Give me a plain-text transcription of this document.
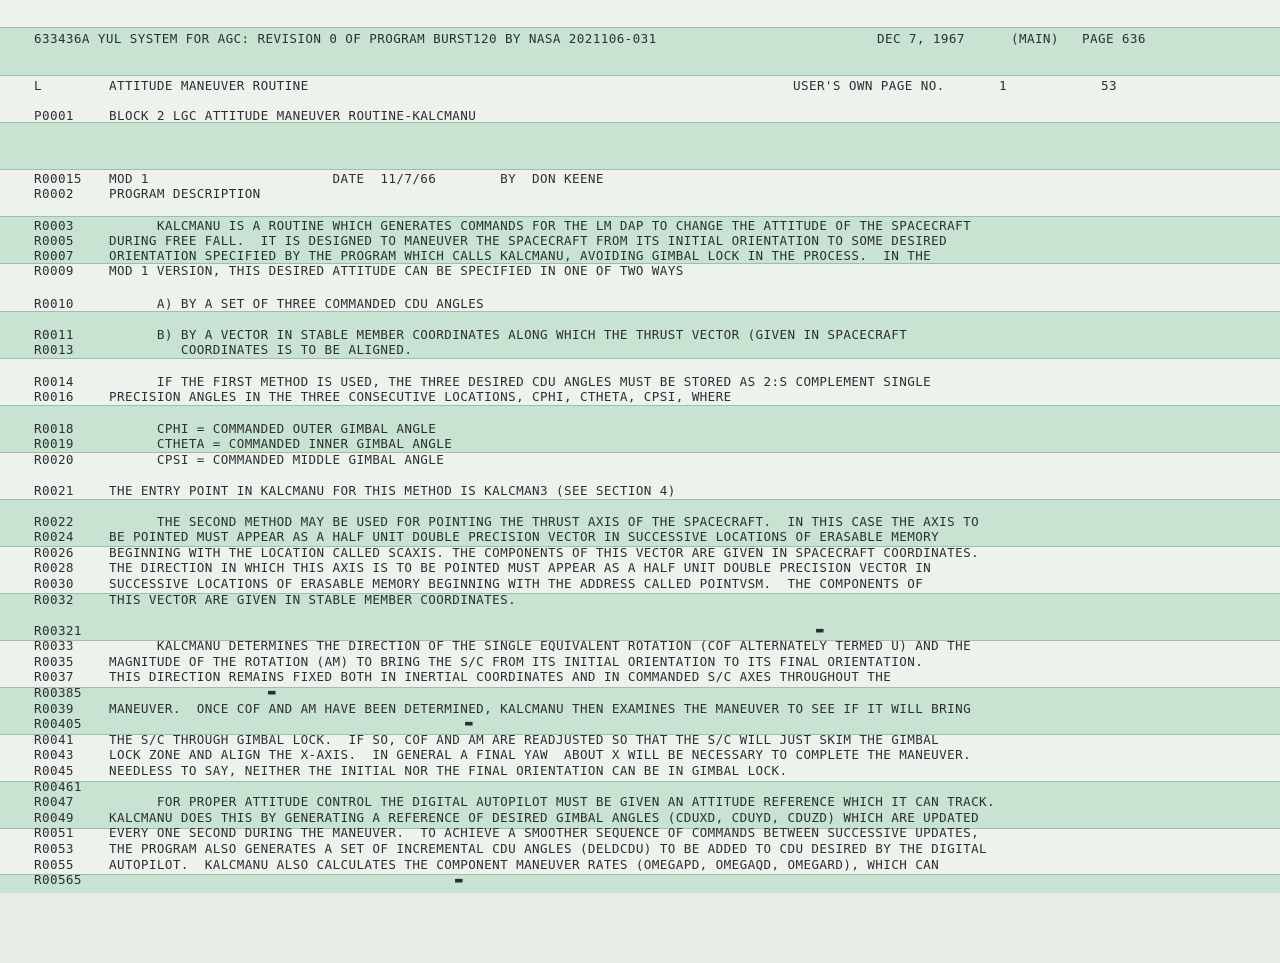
633436A YUL SYSTEM FOR AGC: REVISION 0 OF PROGRAM BURST120 BY NASA 2021106-031	DEC 7, 1967	(MAIN) PAGE 636
L	ATTITUDE MANEUVER ROUTINE	USER'S OWN PAGE NO.	1	53
P0001	BLOCK 2 LGC ATTITUDE MANEUVER ROUTINE-KALCMANU
R00015 MOD 1                       DATE  11/7/66        BY  DON KEENE
R0002	PROGRAM DESCRIPTION
R0003	KALCMANU IS A ROUTINE WHICH GENERATES COMMANDS FOR THE LM DAP TO CHANGE THE ATTITUDE OF THE SPACECRAFT
R0005	DURING FREE FALL.  IT IS DESIGNED TO MANEUVER THE SPACECRAFT FROM ITS INITIAL ORIENTATION TO SOME DESIRED
R0007	ORIENTATION SPECIFIED BY THE PROGRAM WHICH CALLS KALCMANU, AVOIDING GIMBAL LOCK IN THE PROCESS.  IN THE
R0009	MOD 1 VERSION, THIS DESIRED ATTITUDE CAN BE SPECIFIED IN ONE OF TWO WAYS
R0010	A) BY A SET OF THREE COMMANDED CDU ANGLES
R0011	B) BY A VECTOR IN STABLE MEMBER COORDINATES ALONG WHICH THE THRUST VECTOR (GIVEN IN SPACECRAFT
R0013	COORDINATES IS TO BE ALIGNED.
R0014	IF THE FIRST METHOD IS USED, THE THREE DESIRED CDU ANGLES MUST BE STORED AS 2:S COMPLEMENT SINGLE
R0016	PRECISION ANGLES IN THE THREE CONSECUTIVE LOCATIONS, CPHI, CTHETA, CPSI, WHERE
R0018	CPHI = COMMANDED OUTER GIMBAL ANGLE
R0019	CTHETA = COMMANDED INNER GIMBAL ANGLE
R0020	CPSI = COMMANDED MIDDLE GIMBAL ANGLE
R0021	THE ENTRY POINT IN KALCMANU FOR THIS METHOD IS KALCMAN3 (SEE SECTION 4)
R0022	THE SECOND METHOD MAY BE USED FOR POINTING THE THRUST AXIS OF THE SPACECRAFT.  IN THIS CASE THE AXIS TO
R0024	BE POINTED MUST APPEAR AS A HALF UNIT DOUBLE PRECISION VECTOR IN SUCCESSIVE LOCATIONS OF ERASABLE MEMORY
R0026	BEGINNING WITH THE LOCATION CALLED SCAXIS. THE COMPONENTS OF THIS VECTOR ARE GIVEN IN SPACECRAFT COORDINATES.
R0028	THE DIRECTION IN WHICH THIS AXIS IS TO BE POINTED MUST APPEAR AS A HALF UNIT DOUBLE PRECISION VECTOR IN
R0030	SUCCESSIVE LOCATIONS OF ERASABLE MEMORY BEGINNING WITH THE ADDRESS CALLED POINTVSM.  THE COMPONENTS OF
R0032	THIS VECTOR ARE GIVEN IN STABLE MEMBER COORDINATES.
R00321
R0033	KALCMANU DETERMINES THE DIRECTION OF THE SINGLE EQUIVALENT ROTATION (COF ALTERNATELY TERMED U) AND THE
R0035	MAGNITUDE OF THE ROTATION (AM) TO BRING THE S/C FROM ITS INITIAL ORIENTATION TO ITS FINAL ORIENTATION.
R0037	THIS DIRECTION REMAINS FIXED BOTH IN INERTIAL COORDINATES AND IN COMMANDED S/C AXES THROUGHOUT THE
R00385
R0039	MANEUVER.  ONCE COF AND AM HAVE BEEN DETERMINED, KALCMANU THEN EXAMINES THE MANEUVER TO SEE IF IT WILL BRING
R00405
R0041	THE S/C THROUGH GIMBAL LOCK.  IF SO, COF AND AM ARE READJUSTED SO THAT THE S/C WILL JUST SKIM THE GIMBAL
R0043	LOCK ZONE AND ALIGN THE X-AXIS.  IN GENERAL A FINAL YAW  ABOUT X WILL BE NECESSARY TO COMPLETE THE MANEUVER.
R0045	NEEDLESS TO SAY, NEITHER THE INITIAL NOR THE FINAL ORIENTATION CAN BE IN GIMBAL LOCK.
R00461
R0047	FOR PROPER ATTITUDE CONTROL THE DIGITAL AUTOPILOT MUST BE GIVEN AN ATTITUDE REFERENCE WHICH IT CAN TRACK.
R0049	KALCMANU DOES THIS BY GENERATING A REFERENCE OF DESIRED GIMBAL ANGLES (CDUXD, CDUYD, CDUZD) WHICH ARE UPDATED
R0051	EVERY ONE SECOND DURING THE MANEUVER.  TO ACHIEVE A SMOOTHER SEQUENCE OF COMMANDS BETWEEN SUCCESSIVE UPDATES,
R0053	THE PROGRAM ALSO GENERATES A SET OF INCREMENTAL CDU ANGLES (DELDCDU) TO BE ADDED TO CDU DESIRED BY THE DIGITAL
R0055	AUTOPILOT.  KALCMANU ALSO CALCULATES THE COMPONENT MANEUVER RATES (OMEGAPD, OMEGAQD, OMEGARD), WHICH CAN
R00565
▬
▬
▬
▬
